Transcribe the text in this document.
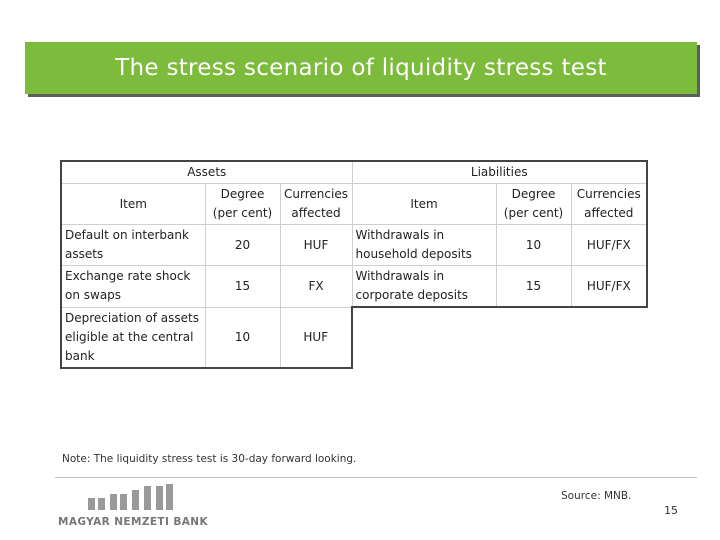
The stress scenario of liquidity stress test
Assets			Liabilities		
Item	Degree (per cent)	Currencies affected	Item	Degree (per cent)	Currencies affected
Default on interbank assets	20	HUF	Withdrawals in household deposits	10	HUF/FX
Exchange rate shock on swaps	15	FX	Withdrawals in corporate deposits	15	HUF/FX
Depreciation of assets eligible at the central bank	10	HUF			
Note: The liquidity stress test is 30-day forward looking.
MAGYAR NEMZETI BANK
Source: MNB.
15
